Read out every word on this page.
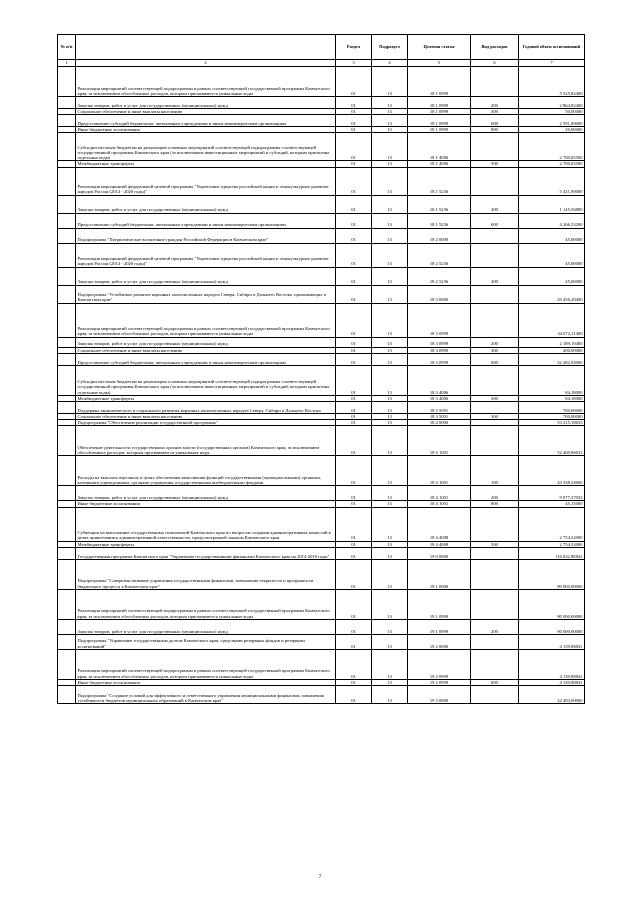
№ п/п		Раздел	Подраздел	Целевая статья	Вид расходов	Годовой объем ассигнований
1	2	3	4	5	6	7
	Реализация мероприятий соответствующей подпрограммы в рамках соответствующей государственной программы Камчатского края, за исключением обособленных расходов, которым присваиваются уникальные коды	01	13	18 1 0999		5 525,82400
	Закупка товаров, работ и услуг для государственных (муниципальных) нужд	01	13	18 1 0999	200	2 864,82400
	Социальное обеспечение и иные выплаты населению	01	13	18 1 0999	300	50,00000
	Предоставление субсидий бюджетным, автономным учреждениям и иным некоммерческим организациям	01	13	18 1 0999	600	2 591,00000
	Иные бюджетные ассигнования	01	13	18 1 0999	800	20,00000
	Субсидии местным бюджетам на реализацию основных мероприятий соответствующей подпрограммы соответствующей государственной программы Камчатского края (за исключением инвестиционных мероприятий и субсидий, которым присвоены отдельные коды)	01	13	18 1 4006		2 700,65500
	Межбюджетные трансферты	01	13	18 1 4006	500	2 700,65500
	Реализация мероприятий федеральной целевой программы "Укрепление единства российской нации и этнокультурное развитие народов России (2014 - 2020 годы)"	01	13	18 1 5236		5 431,90000
	Закупка товаров, работ и услуг для государственных (муниципальных) нужд	01	13	18 1 5236	200	1 145,56800
	Предоставление субсидий бюджетным, автономным учреждениям и иным некоммерческим организациям	01	13	18 1 5236	600	4 266,33200
	Подпрограмма "Патриотическое воспитание граждан Российской Федерации в Камчатском крае"	01	13	18 2 0000		45,00000
	Реализация мероприятий федеральной целевой программы "Укрепление единства российской нации и этнокультурное развитие народов России (2014 - 2020 годы)"	01	13	18 2 5236		45,00000
	Закупка товаров, работ и услуг для государственных (муниципальных) нужд	01	13	18 2 5236	200	45,00000
	Подпрограмма "Устойчивое развитие коренных малочисленных народов Севера, Сибири и Дальнего Востока, проживающих в Камчатском крае"	01	13	18 3 0000		35 456,29400
	Реализация мероприятий соответствующей подпрограммы в рамках соответствующей государственной программы Камчатского края, за исключением обособленных расходов, которым присваиваются уникальные коды	01	13	18 3 0999		34 672,11400
	Закупка товаров, работ и услуг для государственных (муниципальных) нужд	01	13	18 3 0999	200	2 189,19400
	Социальное обеспечение и иные выплаты населению	01	13	18 3 0999	300	200,00000
	Предоставление субсидий бюджетным, автономным учреждениям и иным некоммерческим организациям	01	13	18 3 0999	600	32 282,92000
	Субсидии местным бюджетам на реализацию основных мероприятий соответствующей подпрограммы соответствующей государственной программы Камчатского края (за исключением инвестиционных мероприятий и субсидий, которым присвоены отдельные коды)	01	13	18 3 4006		84,18000
	Межбюджетные трансферты	01	13	18 3 4006	500	84,18000
	Поддержка экономического и социального развития коренных малочисленных народов Севера, Сибири и Дальнего Востока	01	13	18 3 5091		700,00000
	Социальное обеспечение и иные выплаты населению	01	13	18 3 5091	300	700,00000
	Подпрограмма "Обеспечение реализации государственной программы"	01	13	18 4 0000		53 215,18633
	Обеспечение деятельности государственных органов власти (государственных органов) Камчатского края, за исключением обособленных расходов, которым присваиваются уникальные коды	01	13	18 4 1001		52 460,86633
	Расходы на выплаты персоналу в целях обеспечения выполнения функций государственными (муниципальными) органами, казенными учреждениями, органами управления государственными внебюджетными фондами	01	13	18 4 1001	100	43 338,34600
	Закупка товаров, работ и услуг для государственных (муниципальных) нужд	01	13	18 4 1001	200	9 077,37033
	Иные бюджетные ассигнования	01	13	18 4 1001	800	45,15000
	Субвенции на выполнение государственных полномочий Камчатского края по вопросам создания административных комиссий в целях привлечения к административной ответственности, предусмотренной законом Камчатского края	01	13	18 4 4008		2 754,32000
	Межбюджетные трансферты	01	13	18 4 4008	500	2 754,32000
	Государственная программа Камчатского края "Управление государственными финансами Камчатского края на 2014-2018 годы"	01	13	19 0 0000		116 632,88841
	Подпрограмма "Совершенствование управления государственными финансами, повышение открытости и прозрачности бюджетного процесса в Камчатском крае"	01	13	19 1 0000		90 000,00000
	Реализация мероприятий соответствующей подпрограммы в рамках соответствующей государственной программы Камчатского края, за исключением обособленных расходов, которым присваиваются уникальные коды	01	13	19 1 0999		90 000,00000
	Закупка товаров, работ и услуг для государственных (муниципальных) нужд	01	13	19 1 0999	200	90 000,00000
	Подпрограмма "Управление государственным долгом Камчатского края, средствами резервных фондов и резервами ассигнований"	01	13	19 2 0000		4 139,88841
	Реализация мероприятий соответствующей подпрограммы в рамках соответствующей государственной программы Камчатского края, за исключением обособленных расходов, которым присваиваются уникальные коды	01	13	19 2 0999		4 139,88841
	Иные бюджетные ассигнования	01	13	19 2 0999	800	4 139,88841
	Подпрограмма "Создание условий для эффективного и ответственного управления муниципальными финансами, повышения устойчивости бюджетов муниципальных образований в Камчатском крае"	01	13	19 3 0000		22 493,00000
7
